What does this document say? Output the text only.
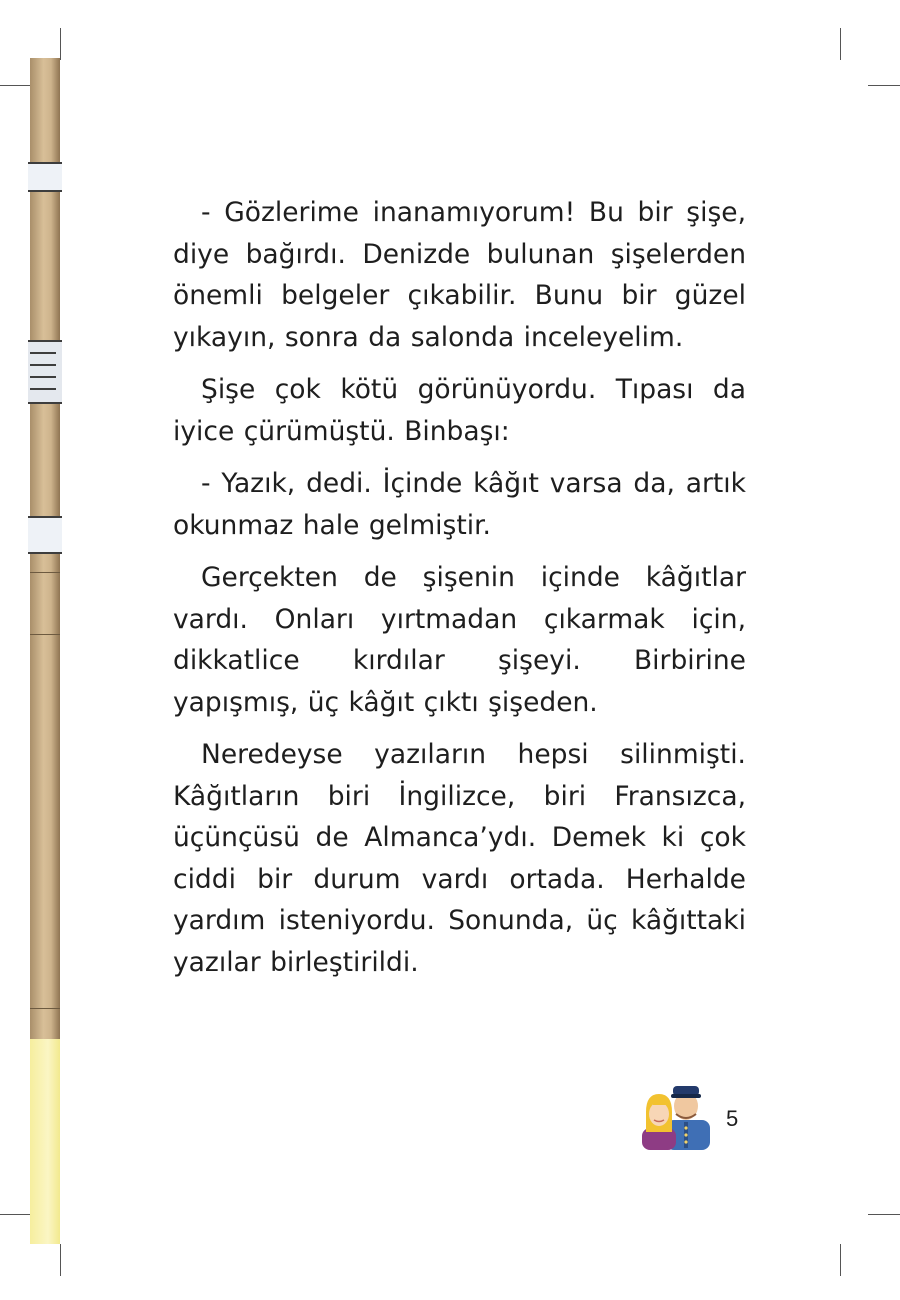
- Gözlerime inanamıyorum! Bu bir şişe, diye bağırdı. Denizde bulunan şişelerden önemli belgeler çıkabilir. Bunu bir güzel yıkayın, sonra da salonda inceleyelim.

Şişe çok kötü görünüyordu. Tıpası da iyice çürümüştü. Binbaşı:

- Yazık, dedi. İçinde kâğıt varsa da, artık okunmaz hale gelmiştir.

Gerçekten de şişenin içinde kâğıtlar vardı. Onları yırtmadan çıkarmak için, dikkatlice kırdılar şişeyi. Birbirine yapışmış, üç kâğıt çıktı şişeden.

Neredeyse yazıların hepsi silinmişti. Kâğıtların biri İngilizce, biri Fransızca, üçünçüsü de Almanca’ydı. Demek ki çok ciddi bir durum vardı ortada. Herhalde yardım isteniyordu. Sonunda, üç kâğıttaki yazılar birleştirildi.

5
